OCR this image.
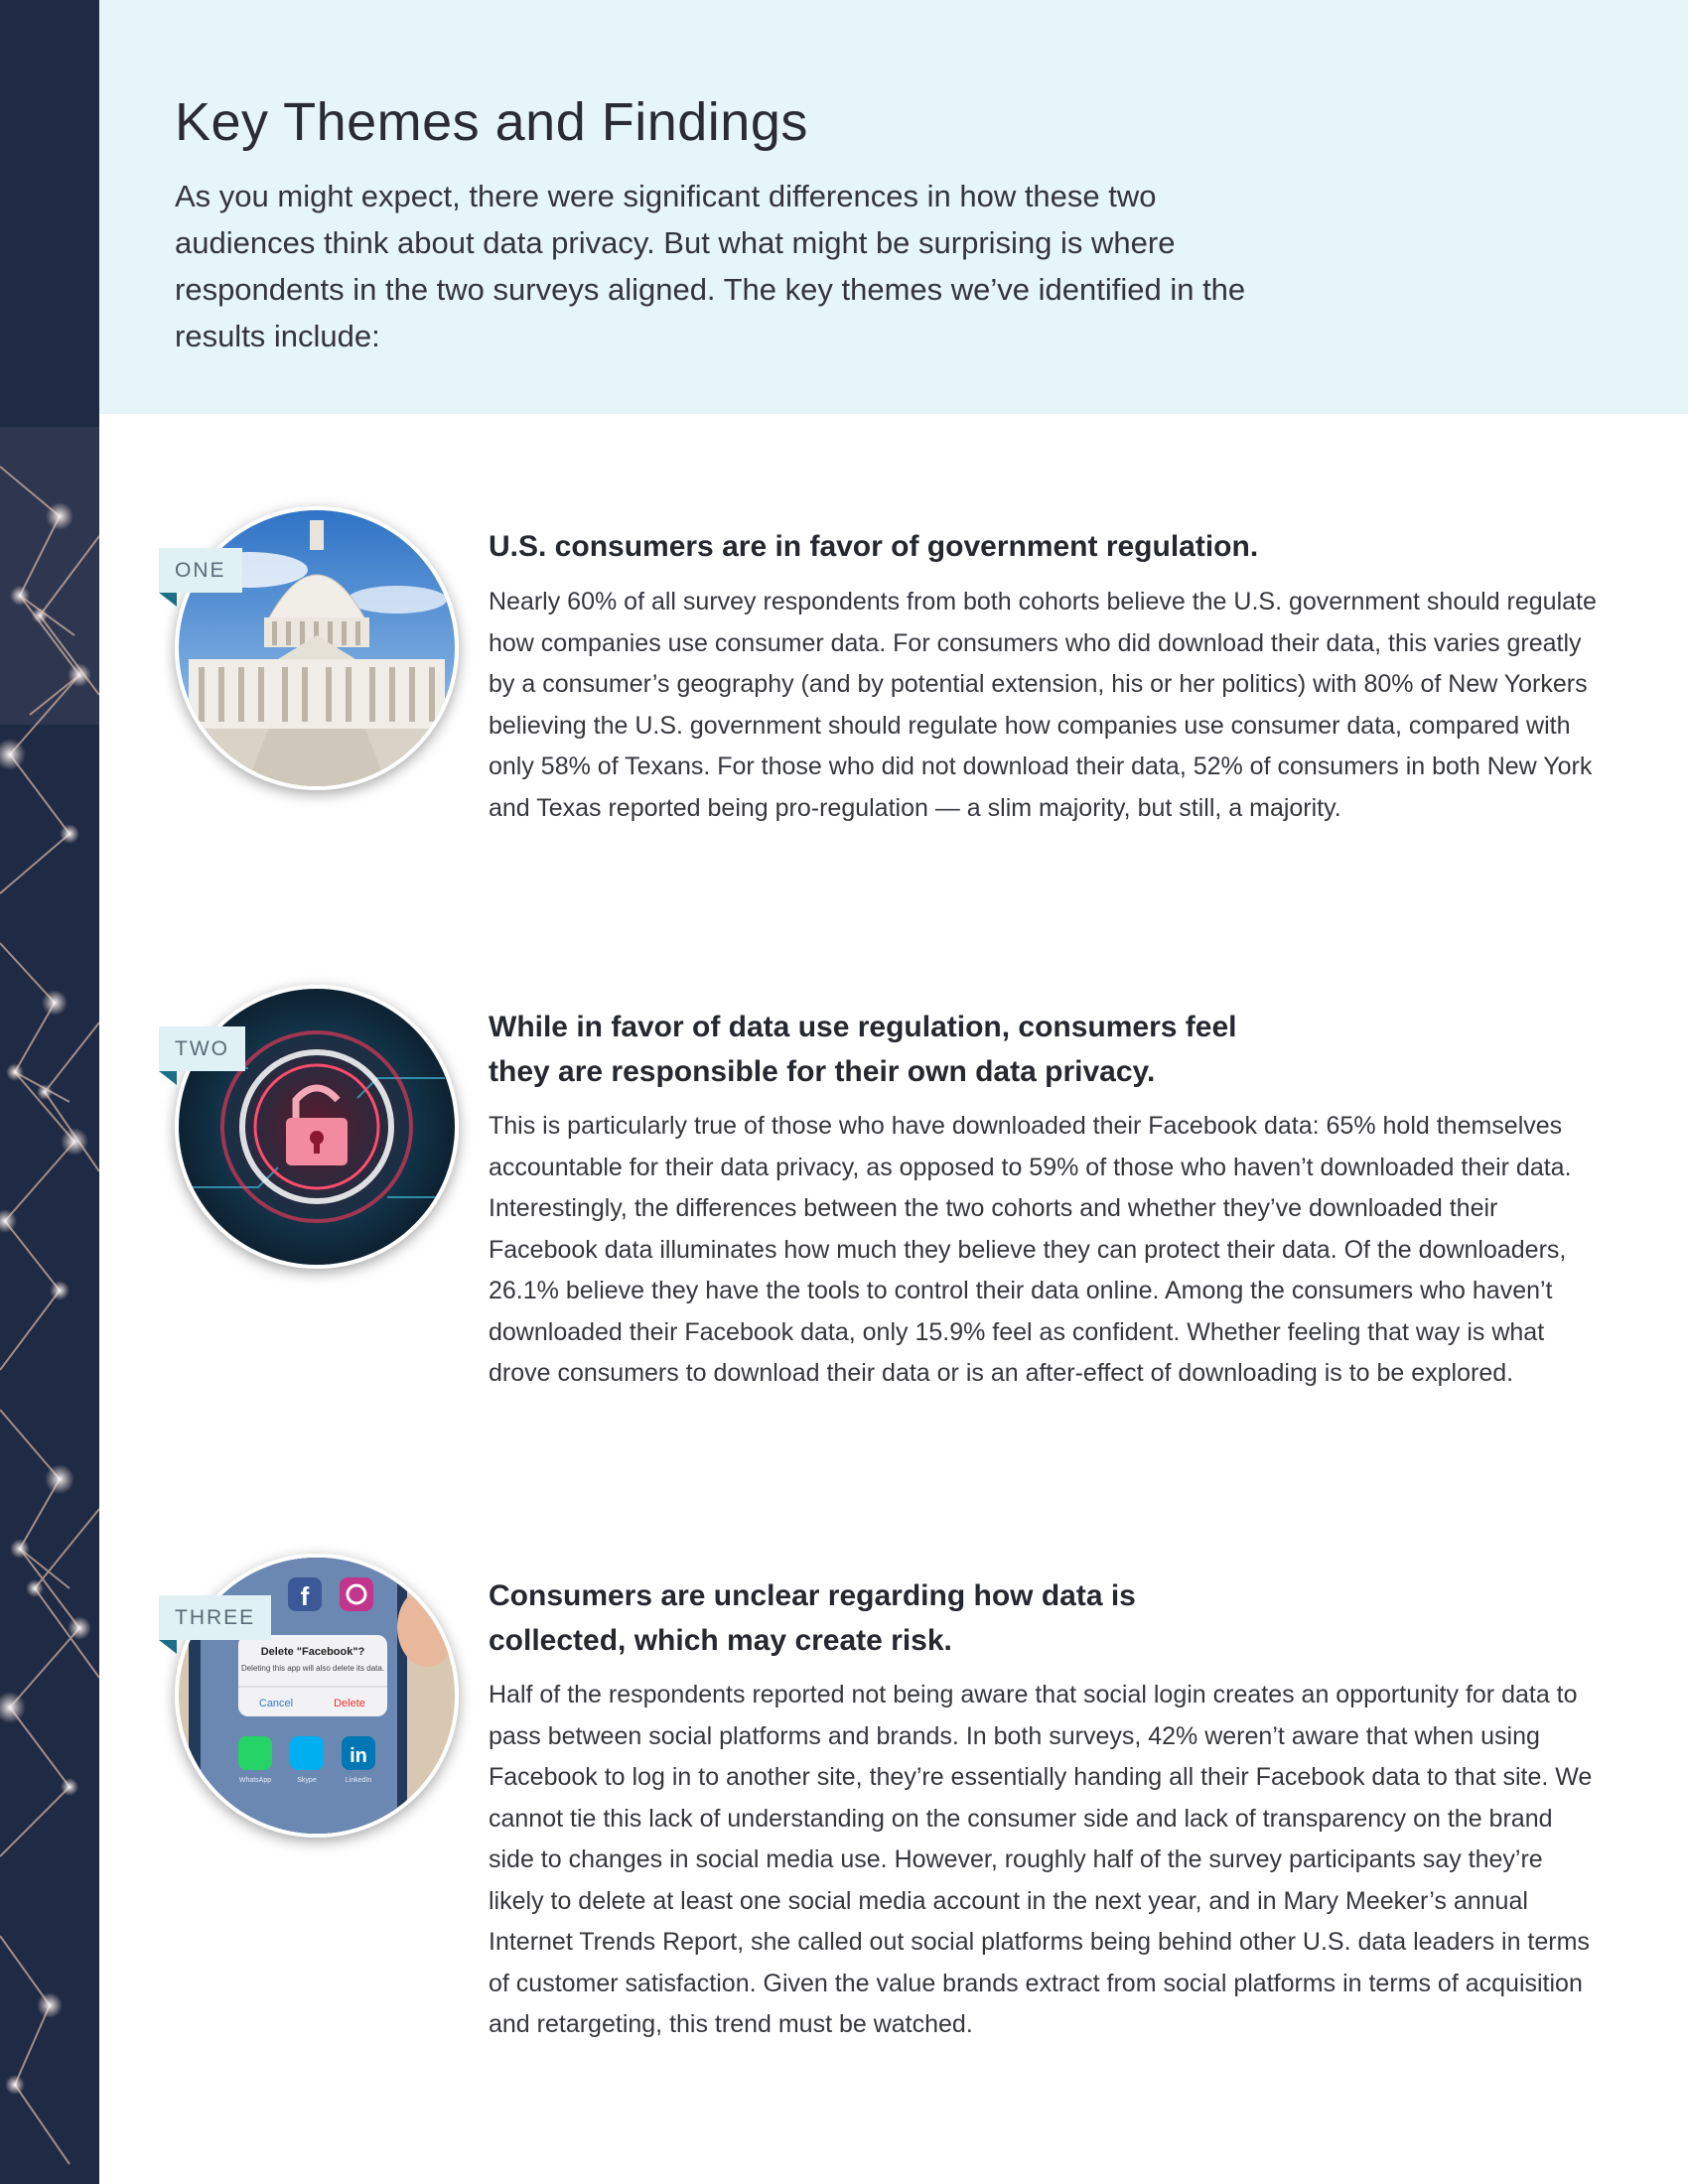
Key Themes and Findings

As you might expect, there were significant differences in how these two audiences think about data privacy. But what might be surprising is where respondents in the two surveys aligned. The key themes we’ve identified in the results include:

ONE
U.S. consumers are in favor of government regulation.

Nearly 60% of all survey respondents from both cohorts believe the U.S. government should regulate how companies use consumer data. For consumers who did download their data, this varies greatly by a consumer’s geography (and by potential extension, his or her politics) with 80% of New Yorkers believing the U.S. government should regulate how companies use consumer data, compared with only 58% of Texans. For those who did not download their data, 52% of consumers in both New York and Texas reported being pro-regulation — a slim majority, but still, a majority.

TWO
While in favor of data use regulation, consumers feel they are responsible for their own data privacy.

This is particularly true of those who have downloaded their Facebook data: 65% hold themselves accountable for their data privacy, as opposed to 59% of those who haven’t downloaded their data. Interestingly, the differences between the two cohorts and whether they’ve downloaded their Facebook data illuminates how much they believe they can protect their data. Of the downloaders, 26.1% believe they have the tools to control their data online. Among the consumers who haven’t downloaded their Facebook data, only 15.9% feel as confident. Whether feeling that way is what drove consumers to download their data or is an after-effect of downloading is to be explored.

f
Delete "Facebook"?
Deleting this app will also delete its data.
Cancel	Delete
in
WhatsApp	Skype	LinkedIn
THREE
Consumers are unclear regarding how data is collected, which may create risk.

Half of the respondents reported not being aware that social login creates an opportunity for data to pass between social platforms and brands. In both surveys, 42% weren’t aware that when using Facebook to log in to another site, they’re essentially handing all their Facebook data to that site. We cannot tie this lack of understanding on the consumer side and lack of transparency on the brand side to changes in social media use. However, roughly half of the survey participants say they’re likely to delete at least one social media account in the next year, and in Mary Meeker’s annual Internet Trends Report, she called out social platforms being behind other U.S. data leaders in terms of customer satisfaction. Given the value brands extract from social platforms in terms of acquisition and retargeting, this trend must be watched.
